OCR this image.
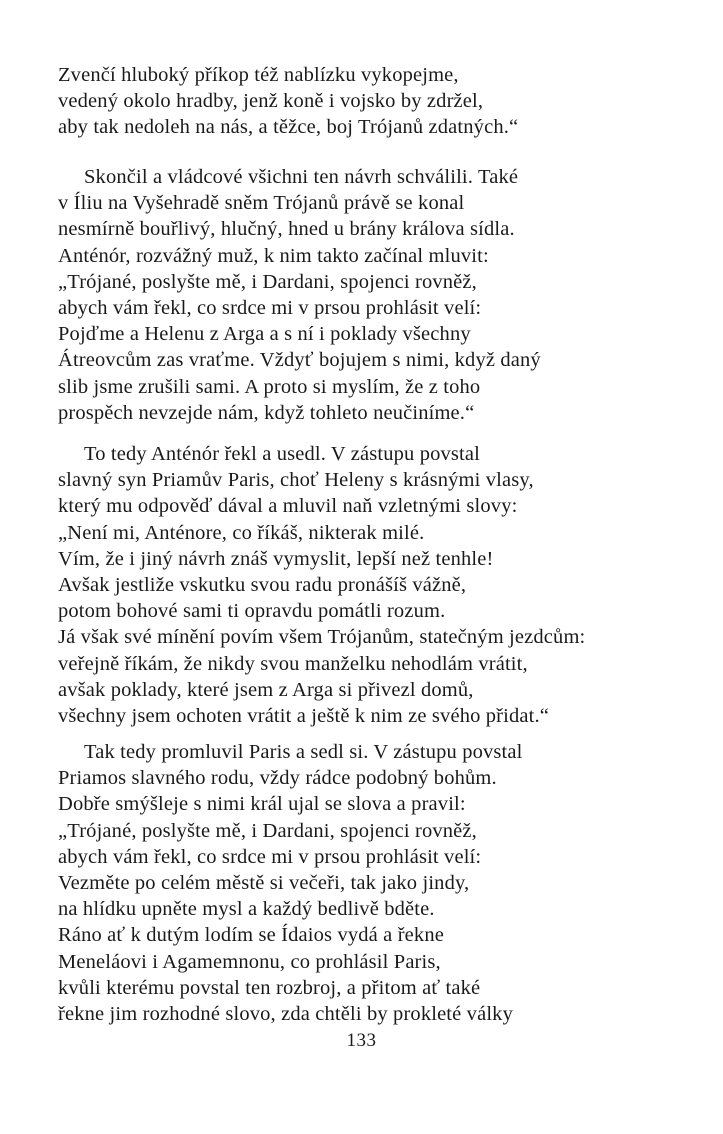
Zvenčí hluboký příkop též nablízku vykopejme,
vedený okolo hradby, jenž koně i vojsko by zdržel,
aby tak nedoleh na nás, a těžce, boj Trójanů zdatných.“
Skončil a vládcové všichni ten návrh schválili. Také
v Íliu na Vyšehradě sněm Trójanů právě se konal
nesmírně bouřlivý, hlučný, hned u brány králova sídla.
Anténór, rozvážný muž, k nim takto začínal mluvit:
„Trójané, poslyšte mě, i Dardani, spojenci rovněž,
abych vám řekl, co srdce mi v prsou prohlásit velí:
Pojďme a Helenu z Arga a s ní i poklady všechny
Átreovcům zas vraťme. Vždyť bojujem s nimi, když daný
slib jsme zrušili sami. A proto si myslím, že z toho
prospěch nevzejde nám, když tohleto neučiníme.“
To tedy Anténór řekl a usedl. V zástupu povstal
slavný syn Priamův Paris, choť Heleny s krásnými vlasy,
který mu odpověď dával a mluvil naň vzletnými slovy:
„Není mi, Anténore, co říkáš, nikterak milé.
Vím, že i jiný návrh znáš vymyslit, lepší než tenhle!
Avšak jestliže vskutku svou radu pronášíš vážně,
potom bohové sami ti opravdu pomátli rozum.
Já však své mínění povím všem Trójanům, statečným jezdcům:
veřejně říkám, že nikdy svou manželku nehodlám vrátit,
avšak poklady, které jsem z Arga si přivezl domů,
všechny jsem ochoten vrátit a ještě k nim ze svého přidat.“
Tak tedy promluvil Paris a sedl si. V zástupu povstal
Priamos slavného rodu, vždy rádce podobný bohům.
Dobře smýšleje s nimi král ujal se slova a pravil:
„Trójané, poslyšte mě, i Dardani, spojenci rovněž,
abych vám řekl, co srdce mi v prsou prohlásit velí:
Vezměte po celém městě si večeři, tak jako jindy,
na hlídku upněte mysl a každý bedlivě bděte.
Ráno ať k dutým lodím se Ídaios vydá a řekne
Meneláovi i Agamemnonu, co prohlásil Paris,
kvůli kterému povstal ten rozbroj, a přitom ať také
řekne jim rozhodné slovo, zda chtěli by prokleté války
133
